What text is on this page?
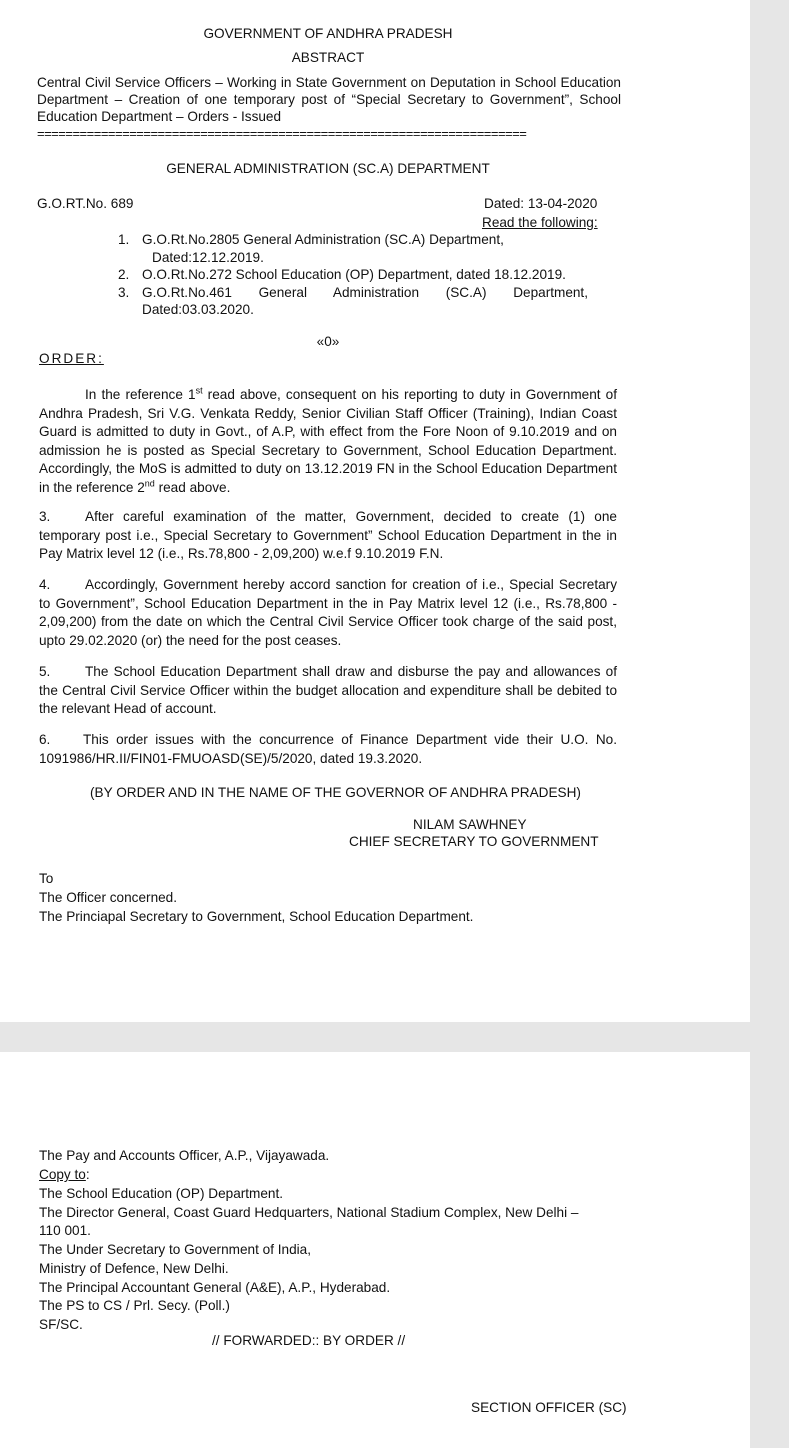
GOVERNMENT OF ANDHRA PRADESH
ABSTRACT
Central Civil Service Officers – Working in State Government on Deputation in School Education Department – Creation of one temporary post of “Special Secretary to Government”, School Education Department – Orders - Issued
=====================================================================
GENERAL ADMINISTRATION (SC.A) DEPARTMENT
G.O.RT.No. 689	Dated: 13-04-2020
Read the following:
1. G.O.Rt.No.2805 General Administration (SC.A) Department,
Dated:12.12.2019.
2. O.O.Rt.No.272 School Education (OP) Department, dated 18.12.2019.
3. G.O.Rt.No.461 General Administration (SC.A) Department,
Dated:03.03.2020.
«0»
ORDER:
In the reference 1st read above, consequent on his reporting to duty in Government of Andhra Pradesh, Sri V.G. Venkata Reddy, Senior Civilian Staff Officer (Training), Indian Coast Guard is admitted to duty in Govt., of A.P, with effect from the Fore Noon of 9.10.2019 and on admission he is posted as Special Secretary to Government, School Education Department. Accordingly, the MoS is admitted to duty on 13.12.2019 FN in the School Education Department in the reference 2nd read above.
3.	After careful examination of the matter, Government, decided to create (1) one temporary post i.e., Special Secretary to Government” School Education Department in the in Pay Matrix level 12 (i.e., Rs.78,800 - 2,09,200) w.e.f 9.10.2019 F.N.
4.	Accordingly, Government hereby accord sanction for creation of i.e., Special Secretary to Government”, School Education Department in the in Pay Matrix level 12 (i.e., Rs.78,800 - 2,09,200) from the date on which the Central Civil Service Officer took charge of the said post, upto 29.02.2020 (or) the need for the post ceases.
5.	The School Education Department shall draw and disburse the pay and allowances of the Central Civil Service Officer within the budget allocation and expenditure shall be debited to the relevant Head of account.
6. This order issues with the concurrence of Finance Department vide their U.O. No. 1091986/HR.II/FIN01-FMUOASD(SE)/5/2020, dated 19.3.2020.
(BY ORDER AND IN THE NAME OF THE GOVERNOR OF ANDHRA PRADESH)
NILAM SAWHNEY
CHIEF SECRETARY TO GOVERNMENT
To
The Officer concerned.
The Princiapal Secretary to Government, School Education Department.
The Pay and Accounts Officer, A.P., Vijayawada.
Copy to:
The School Education (OP) Department.
The Director General, Coast Guard Hedquarters, National Stadium Complex, New Delhi –
110 001.
The Under Secretary to Government of India,
Ministry of Defence, New Delhi.
The Principal Accountant General (A&E), A.P., Hyderabad.
The PS to CS / Prl. Secy. (Poll.)
SF/SC.
// FORWARDED:: BY ORDER //
SECTION OFFICER (SC)
